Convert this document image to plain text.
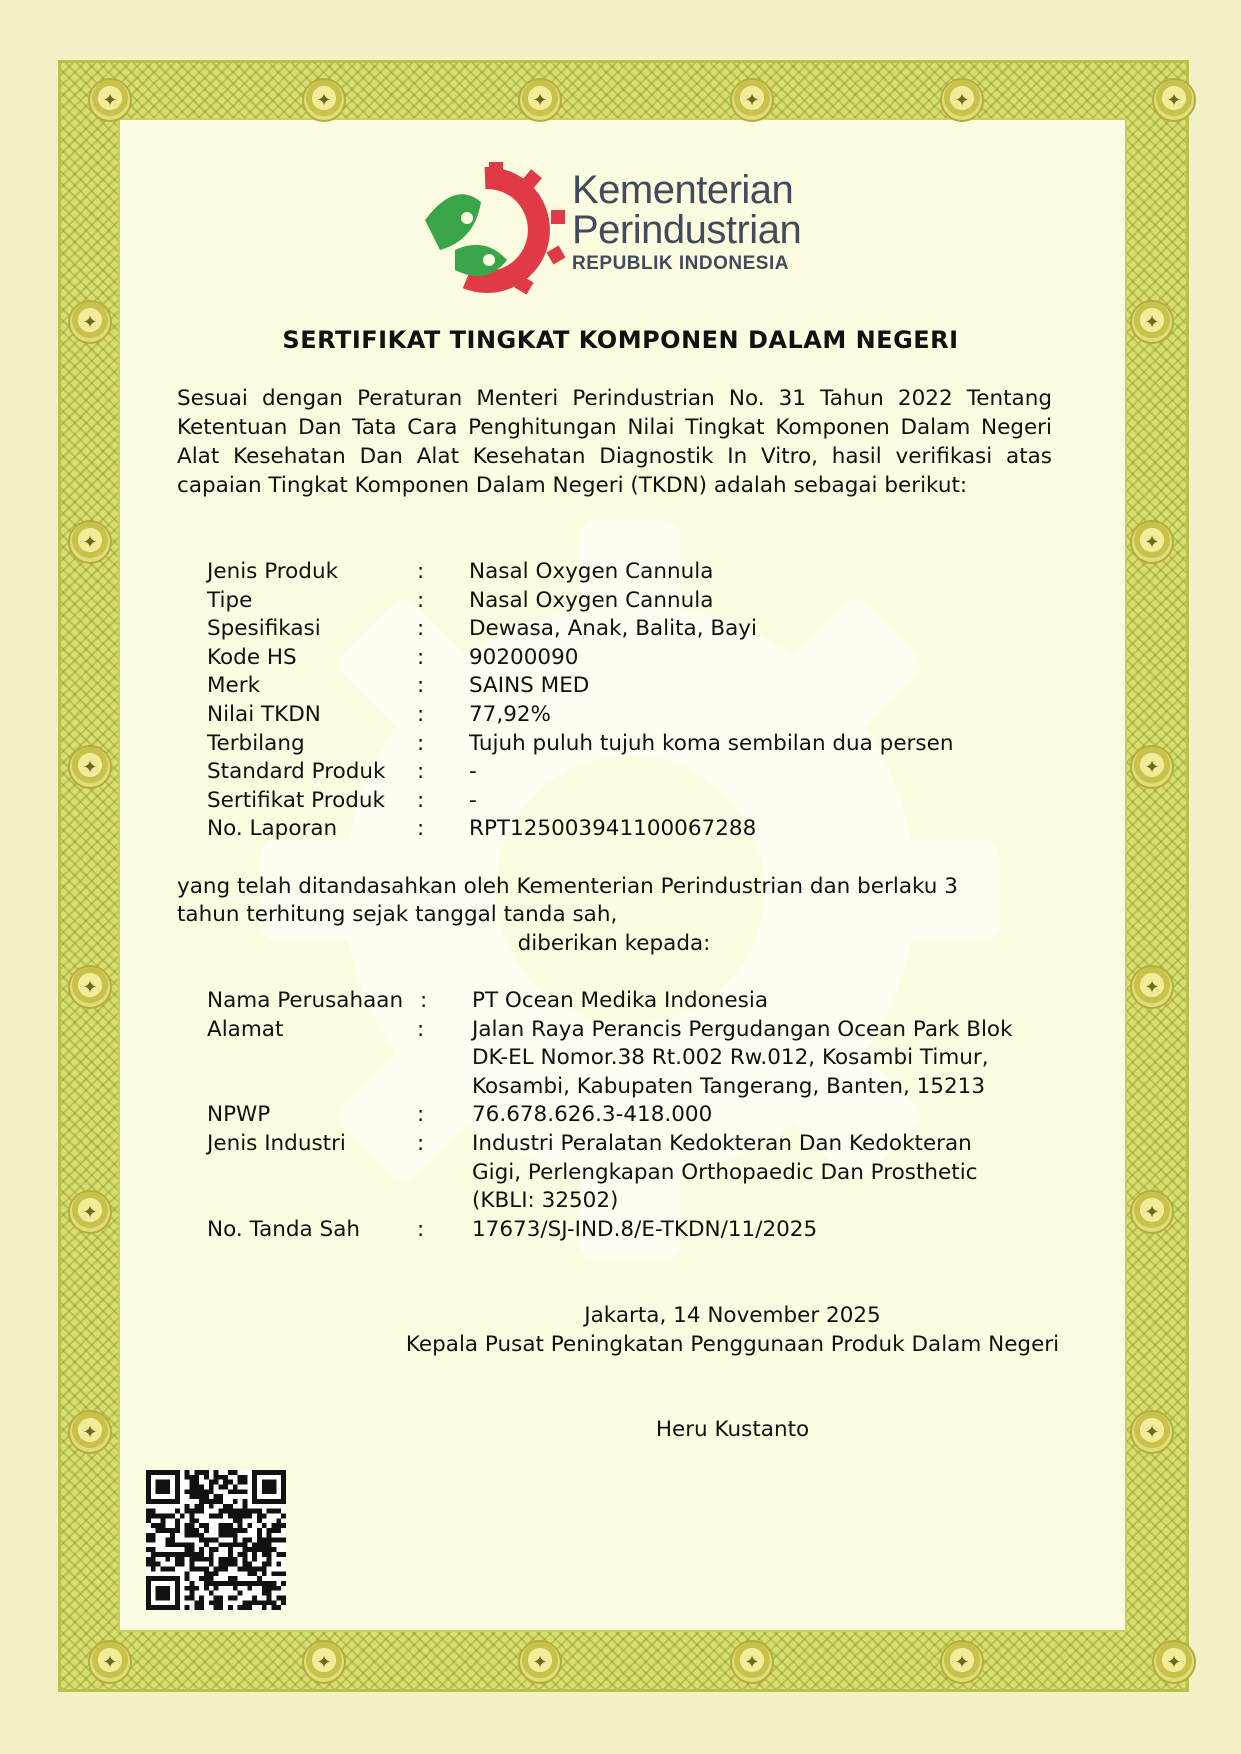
✦
✦
✦
✦
✦
✦
✦
✦
✦
✦
✦
✦
✦	✦
✦	✦
✦	✦
✦	✦
✦	✦
✦	✦
Kementerian
Perindustrian
REPUBLIK INDONESIA
SERTIFIKAT TINGKAT KOMPONEN DALAM NEGERI
Sesuai dengan Peraturan Menteri Perindustrian No. 31 Tahun 2022 Tentang Ketentuan Dan Tata Cara Penghitungan Nilai Tingkat Komponen Dalam Negeri Alat Kesehatan Dan Alat Kesehatan Diagnostik In Vitro, hasil verifikasi atas capaian Tingkat Komponen Dalam Negeri (TKDN) adalah sebagai berikut:
Jenis Produk	: Nasal Oxygen Cannula
Tipe	: Nasal Oxygen Cannula
Spesifikasi	: Dewasa, Anak, Balita, Bayi
Kode HS	: 90200090
Merk	: SAINS MED
Nilai TKDN	: 77,92%
Terbilang	: Tujuh puluh tujuh koma sembilan dua persen
Standard Produk : -
Sertifikat Produk : -
No. Laporan	: RPT125003941100067288
yang telah ditandasahkan oleh Kementerian Perindustrian dan berlaku 3
tahun terhitung sejak tanggal tanda sah,
diberikan kepada:
Nama Perusahaan : PT Ocean Medika Indonesia
Alamat	: Jalan Raya Perancis Pergudangan Ocean Park Blok
DK-EL Nomor.38 Rt.002 Rw.012, Kosambi Timur,
Kosambi, Kabupaten Tangerang, Banten, 15213
NPWP	: 76.678.626.3-418.000
Jenis Industri	: Industri Peralatan Kedokteran Dan Kedokteran
Gigi, Perlengkapan Orthopaedic Dan Prosthetic
(KBLI: 32502)
No. Tanda Sah	: 17673/SJ-IND.8/E-TKDN/11/2025
Jakarta, 14 November 2025
Kepala Pusat Peningkatan Penggunaan Produk Dalam Negeri
Heru Kustanto
